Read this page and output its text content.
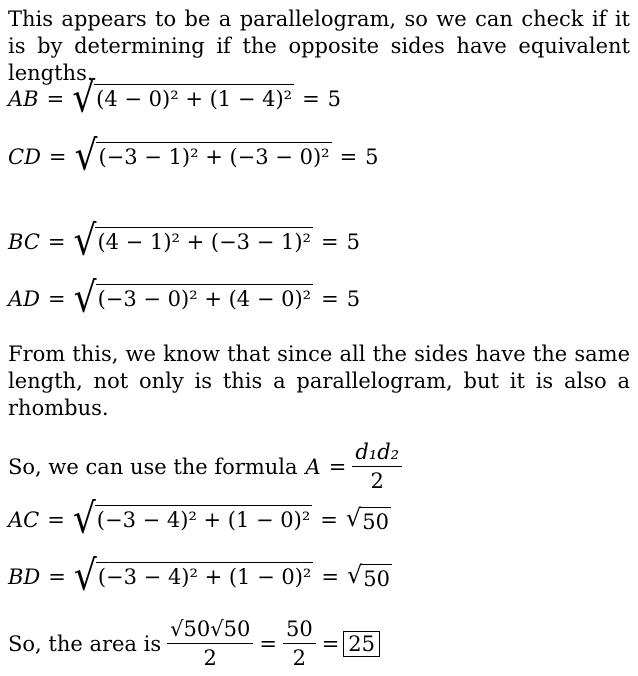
This appears to be a parallelogram, so we can check if it is by determining if the opposite sides have equivalent lengths.
AB = √ (4 − 0)² + (1 − 4)² = 5
CD = √ (−3 − 1)² + (−3 − 0)² = 5
BC = √ (4 − 1)² + (−3 − 1)² = 5
AD = √ (−3 − 0)² + (4 − 0)² = 5
From this, we know that since all the sides have the same length, not only is this a parallelogram, but it is also a rhombus.
So, we can use the formula $A = \frac{\text{d₁d₂}}{2}$
AC = √ (−3 − 4)² + (1 − 0)² = √ 50
BD = √ (−3 − 4)² + (1 − 0)² = √ 50
So, the area is $\frac{√50√50}{2} = \frac{50}{2} = 25$
